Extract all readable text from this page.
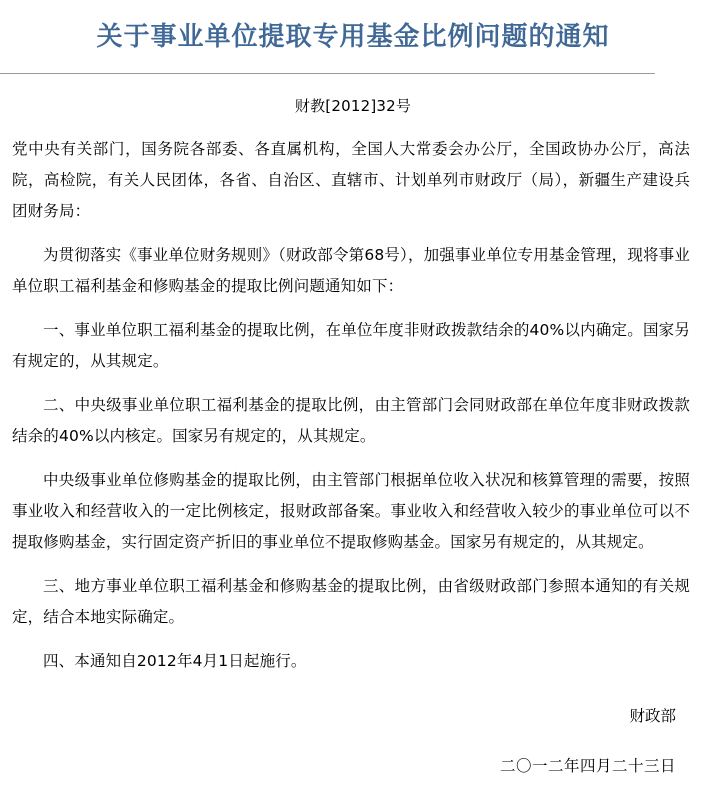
关于事业单位提取专用基金比例问题的通知
财教[2012]32号

党中央有关部门，国务院各部委、各直属机构，全国人大常委会办公厅，全国政协办公厅，高法院，高检院，有关人民团体，各省、自治区、直辖市、计划单列市财政厅（局），新疆生产建设兵团财务局：

为贯彻落实《事业单位财务规则》（财政部令第68号），加强事业单位专用基金管理，现将事业单位职工福利基金和修购基金的提取比例问题通知如下：

一、事业单位职工福利基金的提取比例，在单位年度非财政拨款结余的40%以内确定。国家另有规定的，从其规定。

二、中央级事业单位职工福利基金的提取比例，由主管部门会同财政部在单位年度非财政拨款结余的40%以内核定。国家另有规定的，从其规定。

中央级事业单位修购基金的提取比例，由主管部门根据单位收入状况和核算管理的需要，按照事业收入和经营收入的一定比例核定，报财政部备案。事业收入和经营收入较少的事业单位可以不提取修购基金，实行固定资产折旧的事业单位不提取修购基金。国家另有规定的，从其规定。

三、地方事业单位职工福利基金和修购基金的提取比例，由省级财政部门参照本通知的有关规定，结合本地实际确定。

四、本通知自2012年4月1日起施行。

财政部

二〇一二年四月二十三日
